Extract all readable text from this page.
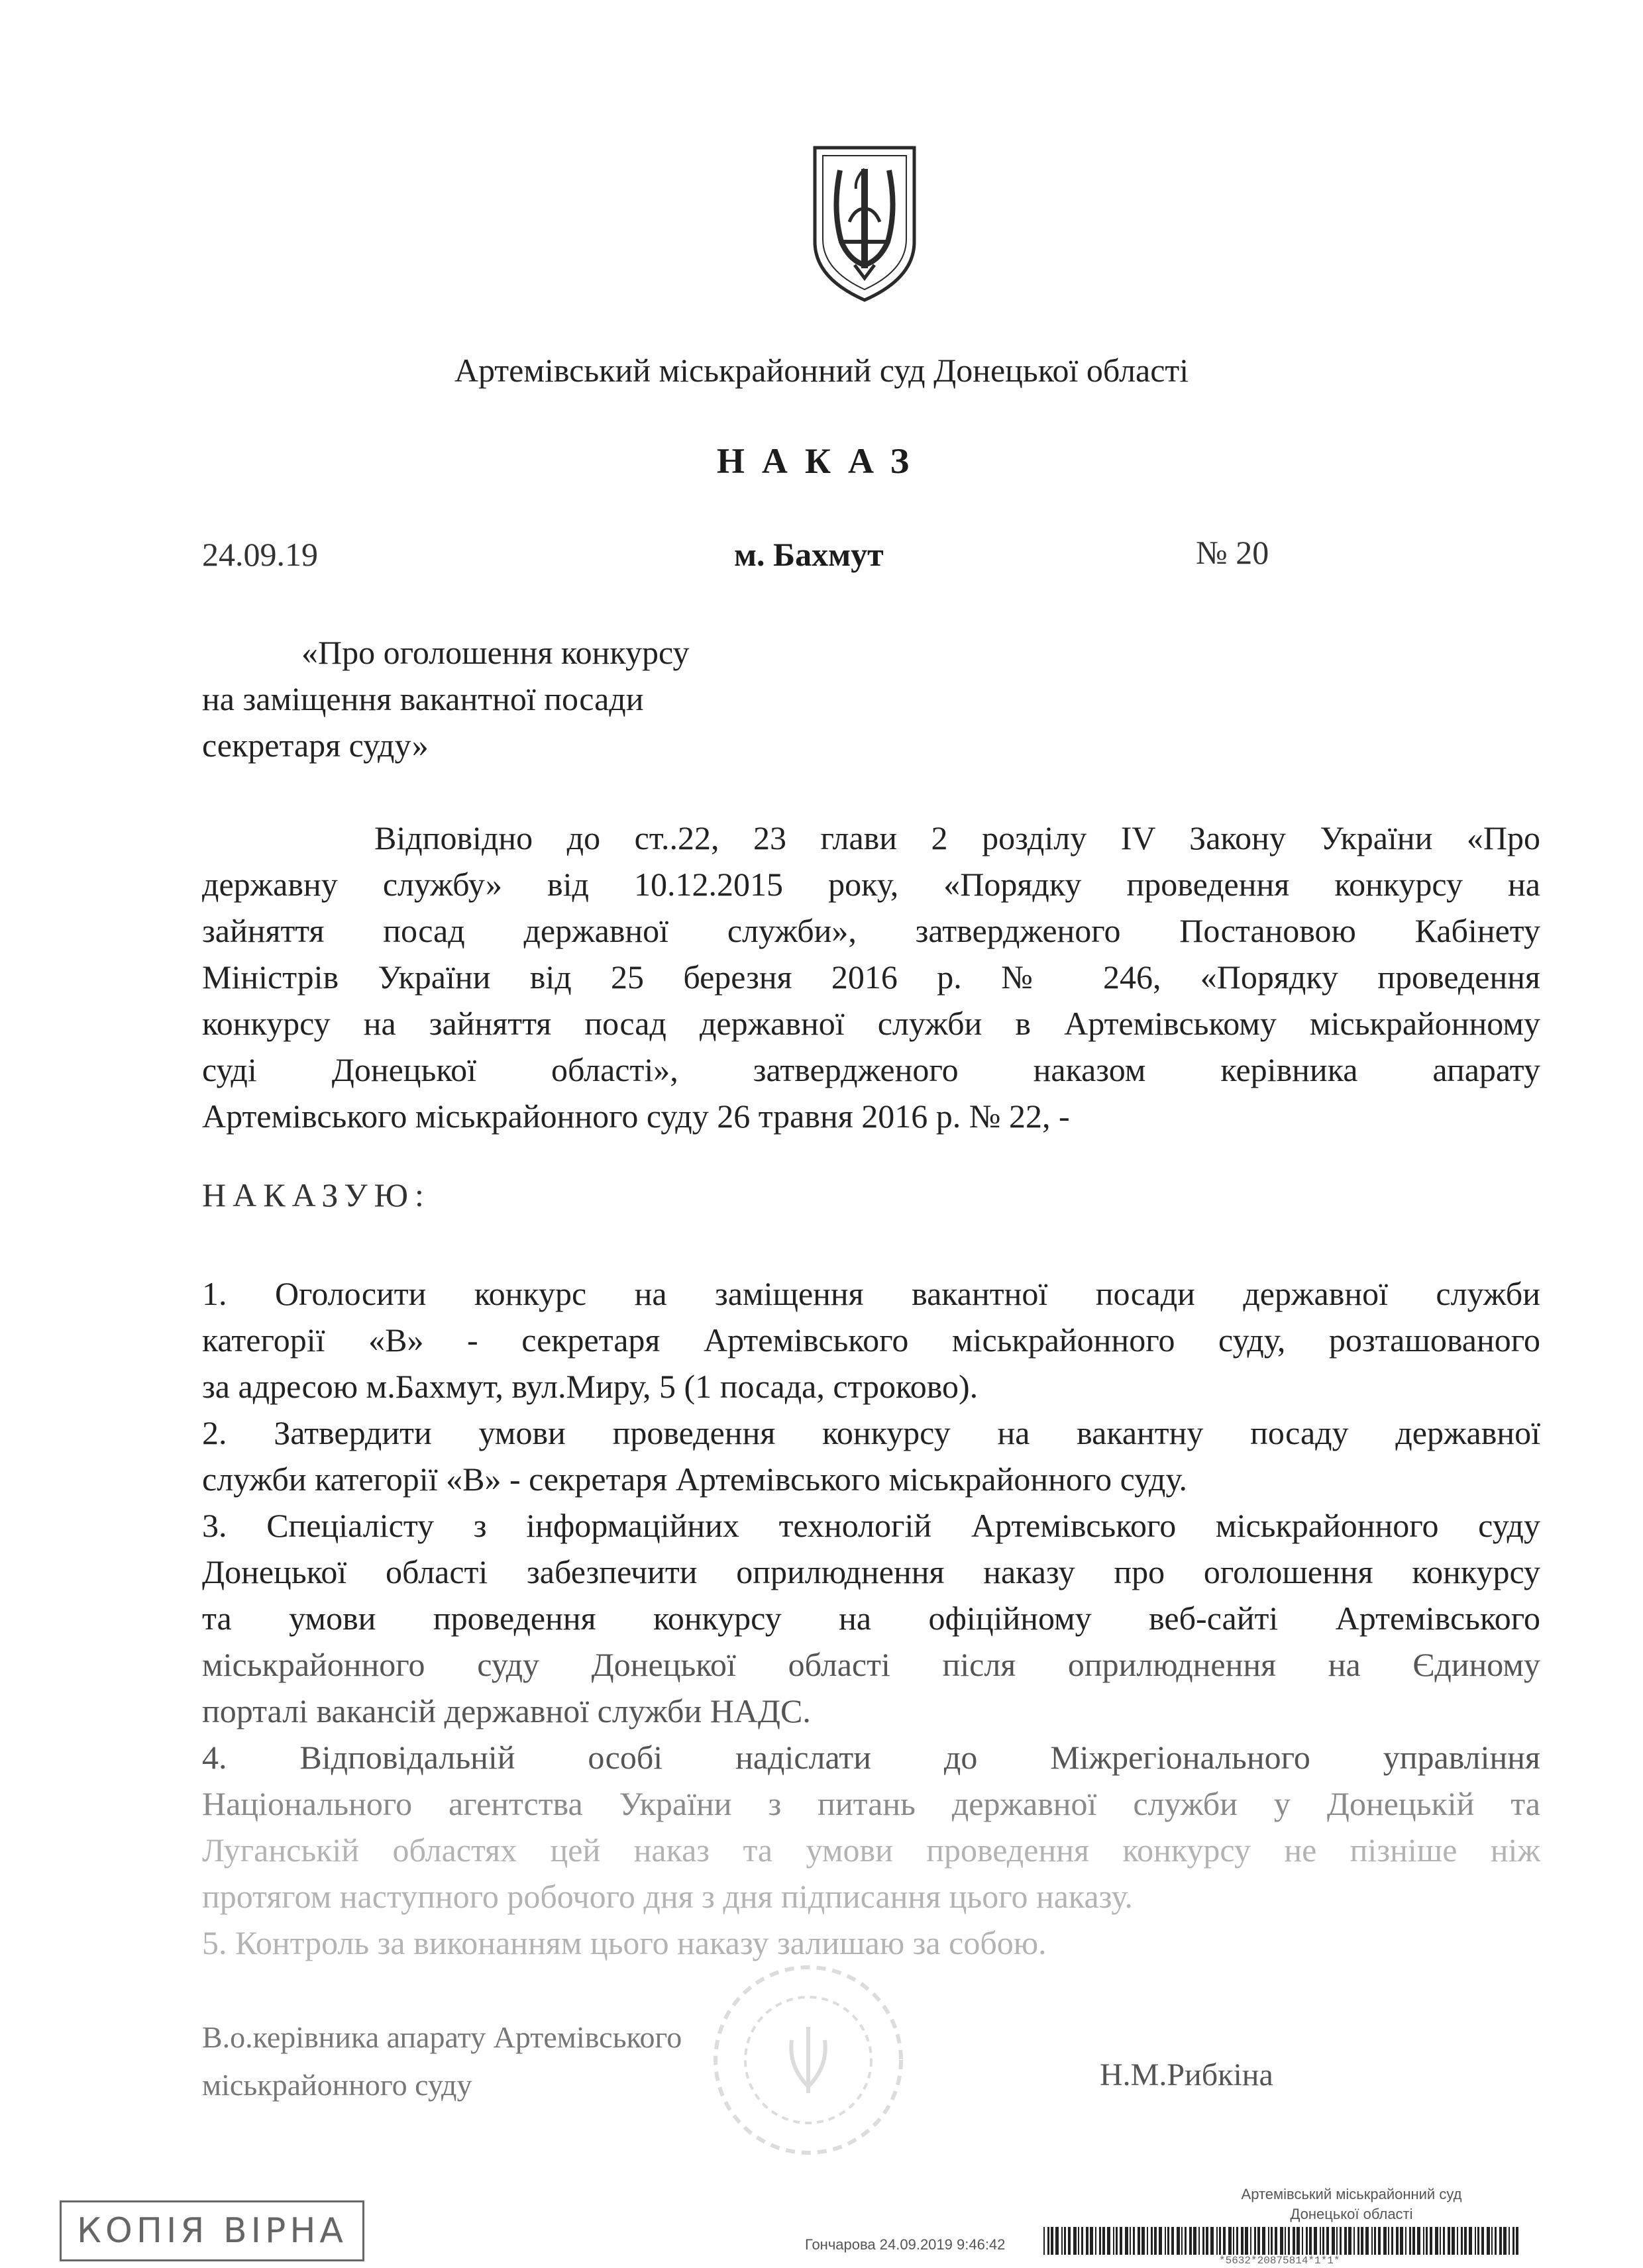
Артемівський міськрайонний суд Донецької області
НАКАЗ
24.09.19	м. Бахмут	№ 20
«Про оголошення конкурсу
на заміщення вакантної посади
секретаря суду»
Відповідно до ст..22, 23 глави 2 розділу IV Закону України «Про
державну службу» від 10.12.2015 року, «Порядку проведення конкурсу на
зайняття посад державної служби», затвердженого Постановою Кабінету
Міністрів України від 25 березня 2016 р. № 246, «Порядку проведення
конкурсу на зайняття посад державної служби в Артемівському міськрайонному
суді Донецької області», затвердженого наказом керівника апарату
Артемівського міськрайонного суду 26 травня 2016 р. № 22, -
НАКАЗУЮ:
1. Оголосити конкурс на заміщення вакантної посади державної служби
категорії «В» - секретаря Артемівського міськрайонного суду, розташованого
за адресою м.Бахмут, вул.Миру, 5 (1 посада, строково).
2. Затвердити умови проведення конкурсу на вакантну посаду державної
служби категорії «В» - секретаря Артемівського міськрайонного суду.
3. Спеціалісту з інформаційних технологій Артемівського міськрайонного суду
Донецької області забезпечити оприлюднення наказу про оголошення конкурсу
та умови проведення конкурсу на офіційному веб-сайті Артемівського
міськрайонного суду Донецької області після оприлюднення на Єдиному
порталі вакансій державної служби НАДС.
4. Відповідальній особі надіслати до Міжрегіонального управління
Національного агентства України з питань державної служби у Донецькій та
Луганській областях цей наказ та умови проведення конкурсу не пізніше ніж
протягом наступного робочого дня з дня підписання цього наказу.
5. Контроль за виконанням цього наказу залишаю за собою.
В.о.керівника апарату Артемівського
міськрайонного суду	Н.М.Рибкіна
КОПІЯ ВІРНА
Артемівський міськрайонний суд
Донецької області
Гончарова 24.09.2019 9:46:42
*5632*20875814*1*1*
